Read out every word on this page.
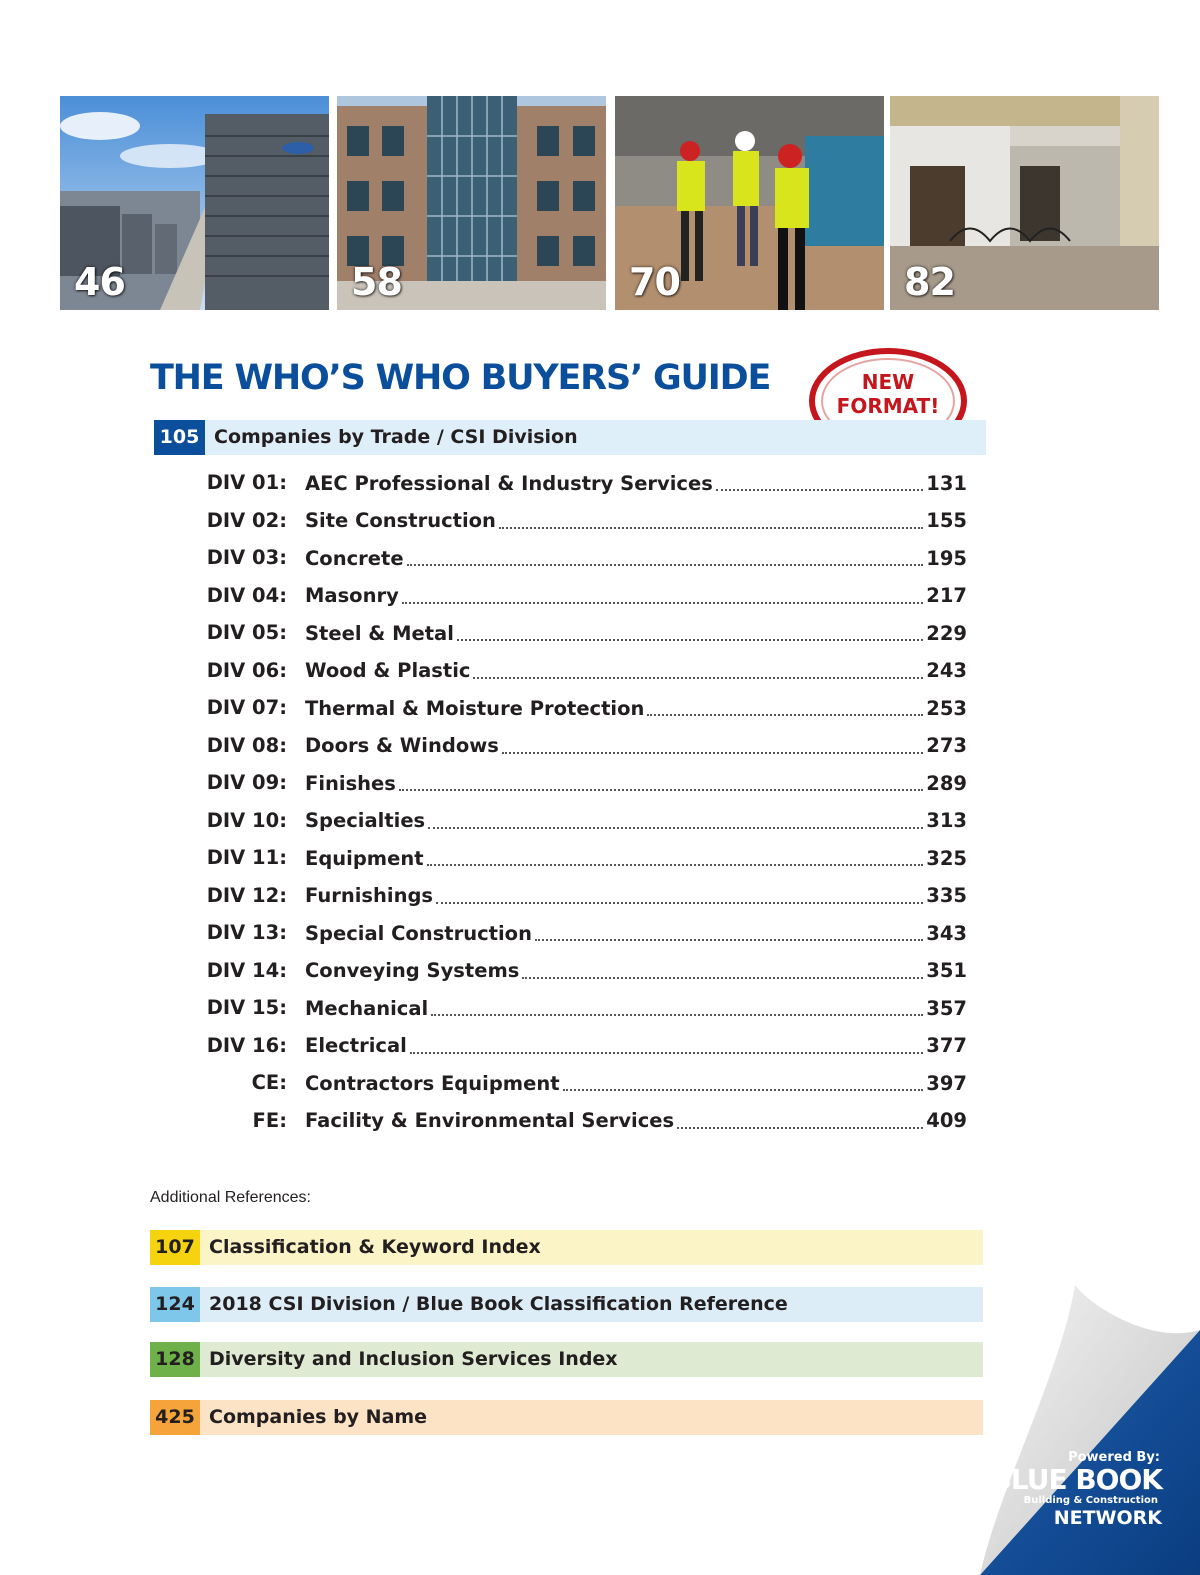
46	58	70	82
THE WHO’S WHO BUYERS’ GUIDE	NEW
FORMAT!
105 Companies by Trade / CSI Division
DIV 01: AEC Professional & Industry Services	131
DIV 02: Site Construction	155
DIV 03: Concrete	195
DIV 04: Masonry	217
DIV 05: Steel & Metal	229
DIV 06: Wood & Plastic	243
DIV 07: Thermal & Moisture Protection	253
DIV 08: Doors & Windows	273
DIV 09: Finishes	289
DIV 10: Specialties	313
DIV 11: Equipment	325
DIV 12: Furnishings	335
DIV 13: Special Construction	343
DIV 14: Conveying Systems	351
DIV 15: Mechanical	357
DIV 16: Electrical	377
CE: Contractors Equipment	397
FE: Facility & Environmental Services	409
Additional References:
107 Classification & Keyword Index
124 2018 CSI Division / Blue Book Classification Reference
128 Diversity and Inclusion Services Index
425 Companies by Name
Powered By:
BLUE BOOK
Building & Construction
NETWORK
